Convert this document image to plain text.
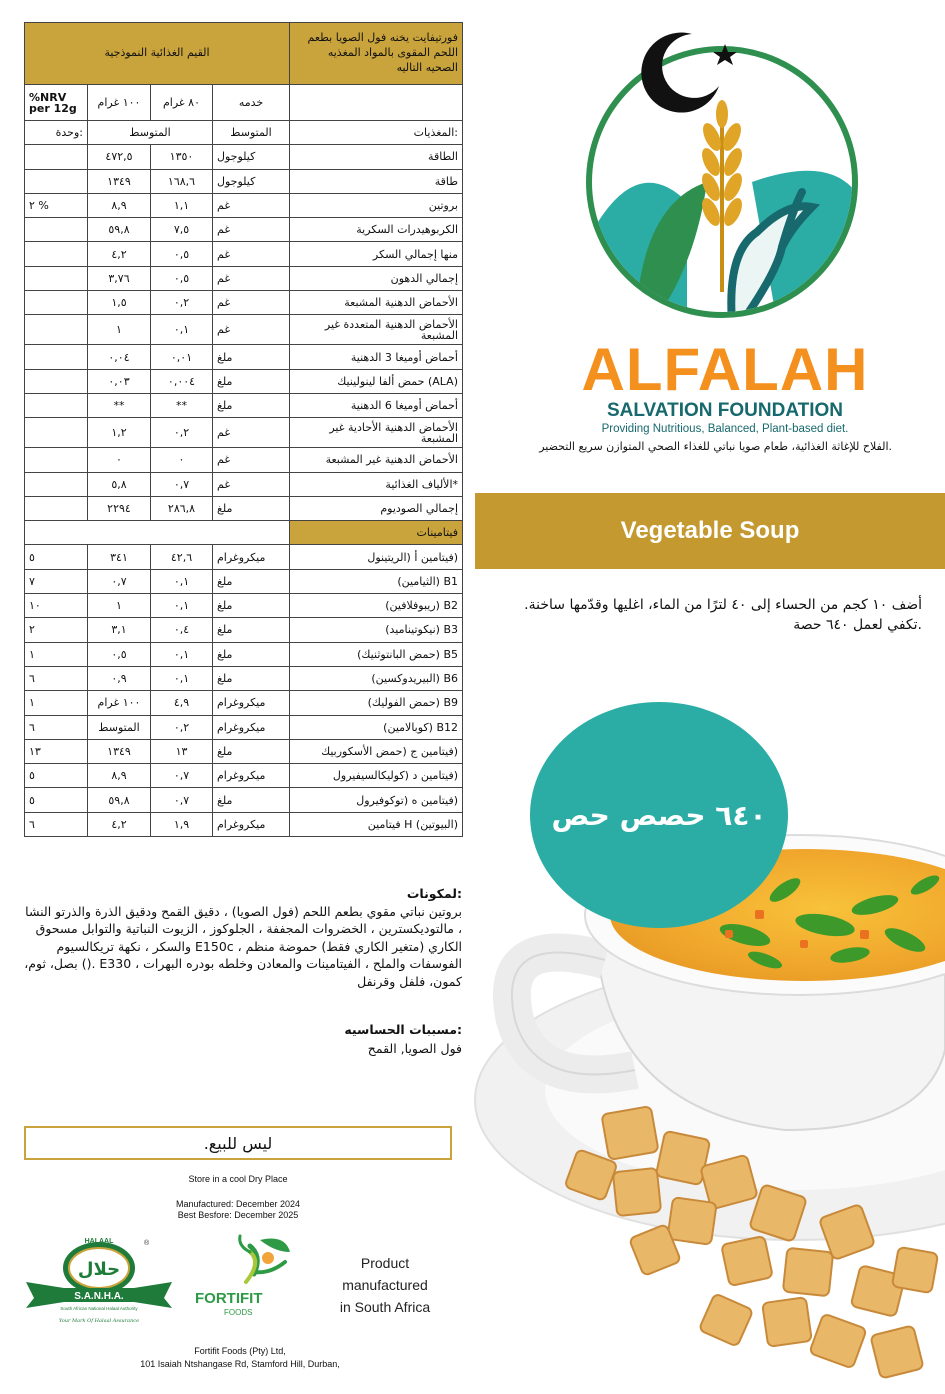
القيم الغذائية النموذجية				فورتيفايت يخنه فول الصويا بطعم اللحم المقوى بالمواد المغذيه الصحيه التاليه
%NRV per 12g	١٠٠ غرام	٨٠ غرام	خدمه	
:وحدة	المتوسط		المتوسط	:المغذيات
	٤٧٢,٥	١٣٥٠	كيلوجول	الطاقة
	١٣٤٩	١٦٨,٦	كيلوجول	طاقة
٢ %	٨,٩	١,١	غم	بروتين
	٥٩,٨	٧,٥	غم	الكربوهيدرات السكرية
	٤,٢	٠,٥	غم	منها إجمالي السكر
	٣,٧٦	٠,٥	غم	إجمالي الدهون
	١,٥	٠,٢	غم	الأحماض الدهنية المشبعة
	١	٠,١	غم	الأحماض الدهنية المتعددة غير المشبعة
	٠,٠٤	٠,٠١	ملغ	أحماض أوميغا 3 الدهنية
	٠,٠٣	٠,٠٠٤	ملغ	(ALA) حمض ألفا لينولينيك
	**	**	ملغ	أحماض أوميغا 6 الدهنية
	١,٢	٠,٢	غم	الأحماض الدهنية الأحادية غير المشبعة
	٠	٠	غم	الأحماض الدهنية غير المشبعة
	٥,٨	٠,٧	غم	*الألياف الغذائية
	٢٢٩٤	٢٨٦,٨	ملغ	إجمالي الصوديوم
				فيتامينات
٥	٣٤١	٤٢,٦	ميكروغرام	(فيتامين أ (الريتينول
٧	٠,٧	٠,١	ملغ	B1 (الثيامين)
١٠	١	٠,١	ملغ	B2 (ريبوفلافين)
٢	٣,١	٠,٤	ملغ	B3 (نيكوتيناميد)
١	٠,٥	٠,١	ملغ	B5 (حمض البانتوثنيك)
٦	٠,٩	٠,١	ملغ	B6 (البيريدوكسين)
١	١٠٠ غرام	٤,٩	ميكروغرام	B9 (حمض الفوليك)
٦	المتوسط	٠,٢	ميكروغرام	B12 (كوبالامين)
١٣	١٣٤٩	١٣	ملغ	(فيتامين ج (حمض الأسكوربيك
٥	٨,٩	٠,٧	ميكروغرام	(فيتامين د (كوليكالسيفيرول
٥	٥٩,٨	٠,٧	ملغ	(فيتامين ه (توكوفيرول
٦	٤,٢	١,٩	ميكروغرام	(البيوتين) H فيتامين
ALFALAH
SALVATION FOUNDATION
Providing Nutritious, Balanced, Plant-based diet.
.الفلاح للإغاثة الغذائية، طعام صويا نباتي للغذاء الصحي المتوازن سريع التحضير
Vegetable Soup
أضف ١٠ كجم من الحساء إلى ٤٠ لترًا من الماء، اغليها وقدّمها ساخنة.
.تكفي لعمل ٦٤٠ حصة
٦٤٠ حصص حص
:لمكونات

بروتين نباتي مقوي بطعم اللحم (فول الصويا) ، دقيق القمح ودقيق الذرة والذرتو النشا ، مالتوديكسترين ، الخضروات المجففة ، الجلوكوز ، الزيوت النباتية والتوابل مسحوق الكاري (متغير الكاري فقط) حموضة منظم ، E150c والسكر ، نكهة تريكالسيوم الفوسفات والملح ، الفيتامينات والمعادن وخلطه بودره البهرات ، E330 .() بصل، ثوم، كمون، فلفل وقرنفل

:مسببات الحساسيه

فول الصويا, القمح

ليس للبيع.
Store in a cool Dry Place
Manufactured: December 2024
Best Besfore: December 2025
حلال
HALAAL	®
S.A.N.H.A.
South African National Halaal Authority
Your Mark Of Halaal Assurance
FORTIFIT
FOODS
Product
manufactured
in South Africa
Fortifit Foods (Pty) Ltd,
101 Isaiah Ntshangase Rd, Stamford Hill, Durban,
